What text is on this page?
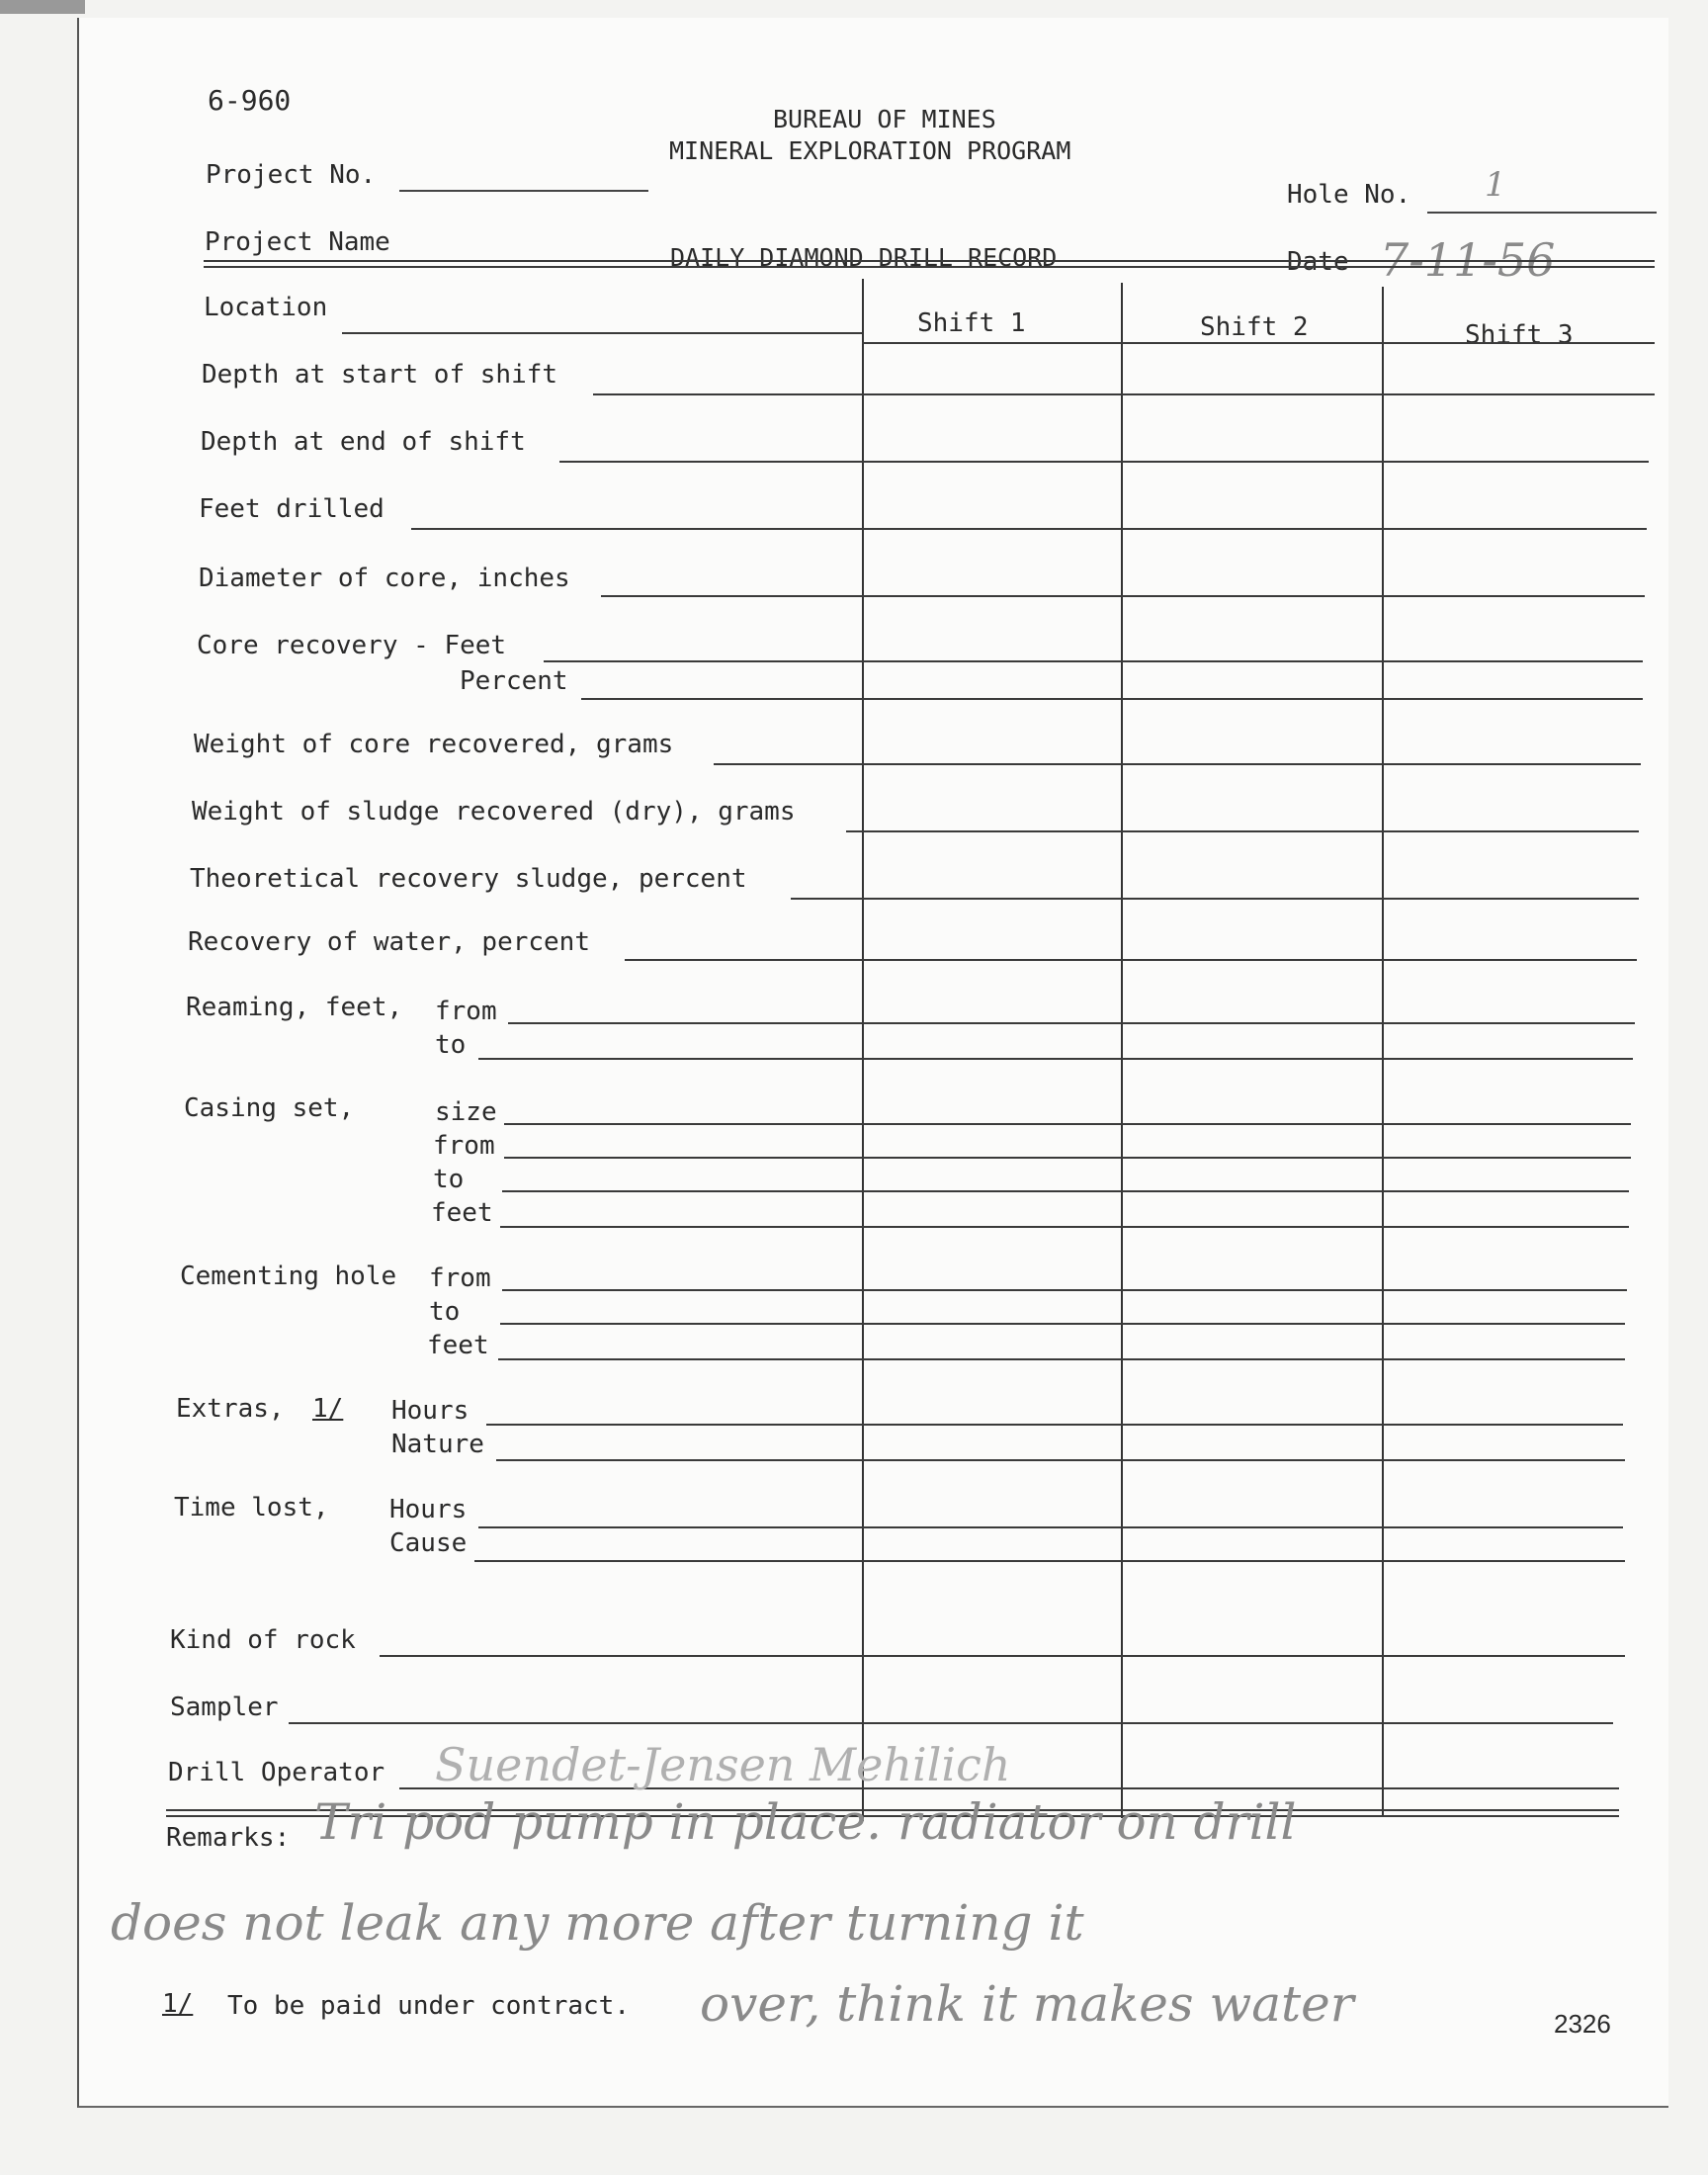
6-960
BUREAU OF MINES
MINERAL EXPLORATION PROGRAM
DAILY DIAMOND DRILL RECORD
Project No.
Hole No. 1
Project Name
Date 7-11-56
Shift 1	Shift 2	Shift 3
Location
Depth at start of shift
Depth at end of shift
Feet drilled
Diameter of core, inches
Core recovery - Feet
Percent
Weight of core recovered, grams
Weight of sludge recovered (dry), grams
Theoretical recovery sludge, percent
Recovery of water, percent
Reaming, feet, from
to
Casing set,	size
from
to
feet
Cementing hole from
to
feet
Extras, 1/ Hours
Nature
Time lost, Hours
Cause
Kind of rock
Sampler
Drill Operator Suendet-Jensen Mehilich
Remarks: Tri pod pump in place. radiator on drill
does not leak any more after turning it
over, think it makes water
1/ To be paid under contract.
2326
